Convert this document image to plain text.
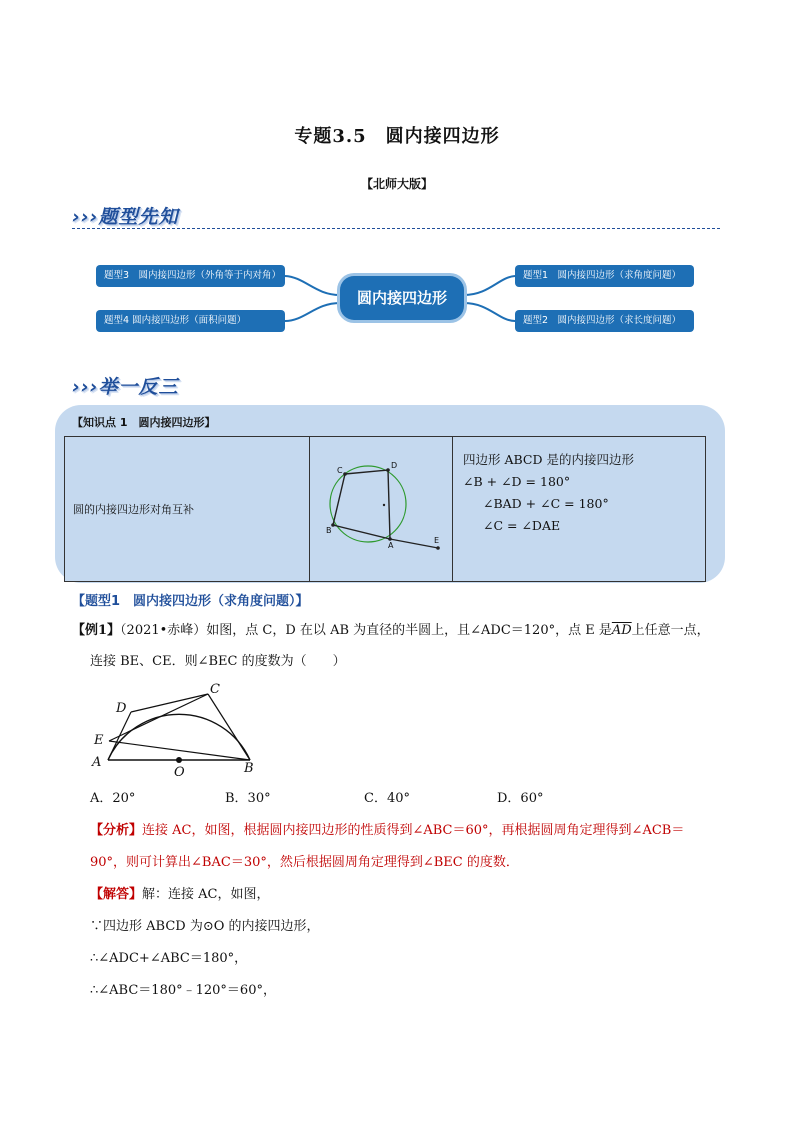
专题3.5　圆内接四边形
【北师大版】
›››题型先知
题型3　圆内接四边形（外角等于内对角）
题型4 圆内接四边形（面积问题）
圆内接四边形
题型1　圆内接四边形（求角度问题）
题型2　圆内接四边形（求长度问题）
›››举一反三
【知识点 1　圆内接四边形】
圆的内接四边形对角互补	
C
D
B
A
E

四边形 ABCD 是的内接四边形
∠B + ∠D = 180°
∠BAD + ∠C = 180°
∠C = ∠DAE
【题型1　圆内接四边形（求角度问题）】
【例1】（2021•赤峰）如图，点 C，D 在以 AB 为直径的半圆上，且∠ADC＝120°，点 E 是$\overline{AD}$上任意一点，
连接 BE、CE．则∠BEC 的度数为（　　）
C
D
E
A
O	B
A．20°	B．30°	C．40°	D．60°
【分析】连接 AC，如图，根据圆内接四边形的性质得到∠ABC＝60°，再根据圆周角定理得到∠ACB＝
90°，则可计算出∠BAC＝30°，然后根据圆周角定理得到∠BEC 的度数．
【解答】解：连接 AC，如图，
∵四边形 ABCD 为⊙O 的内接四边形，
∴∠ADC+∠ABC＝180°，
∴∠ABC＝180°﹣120°＝60°，
